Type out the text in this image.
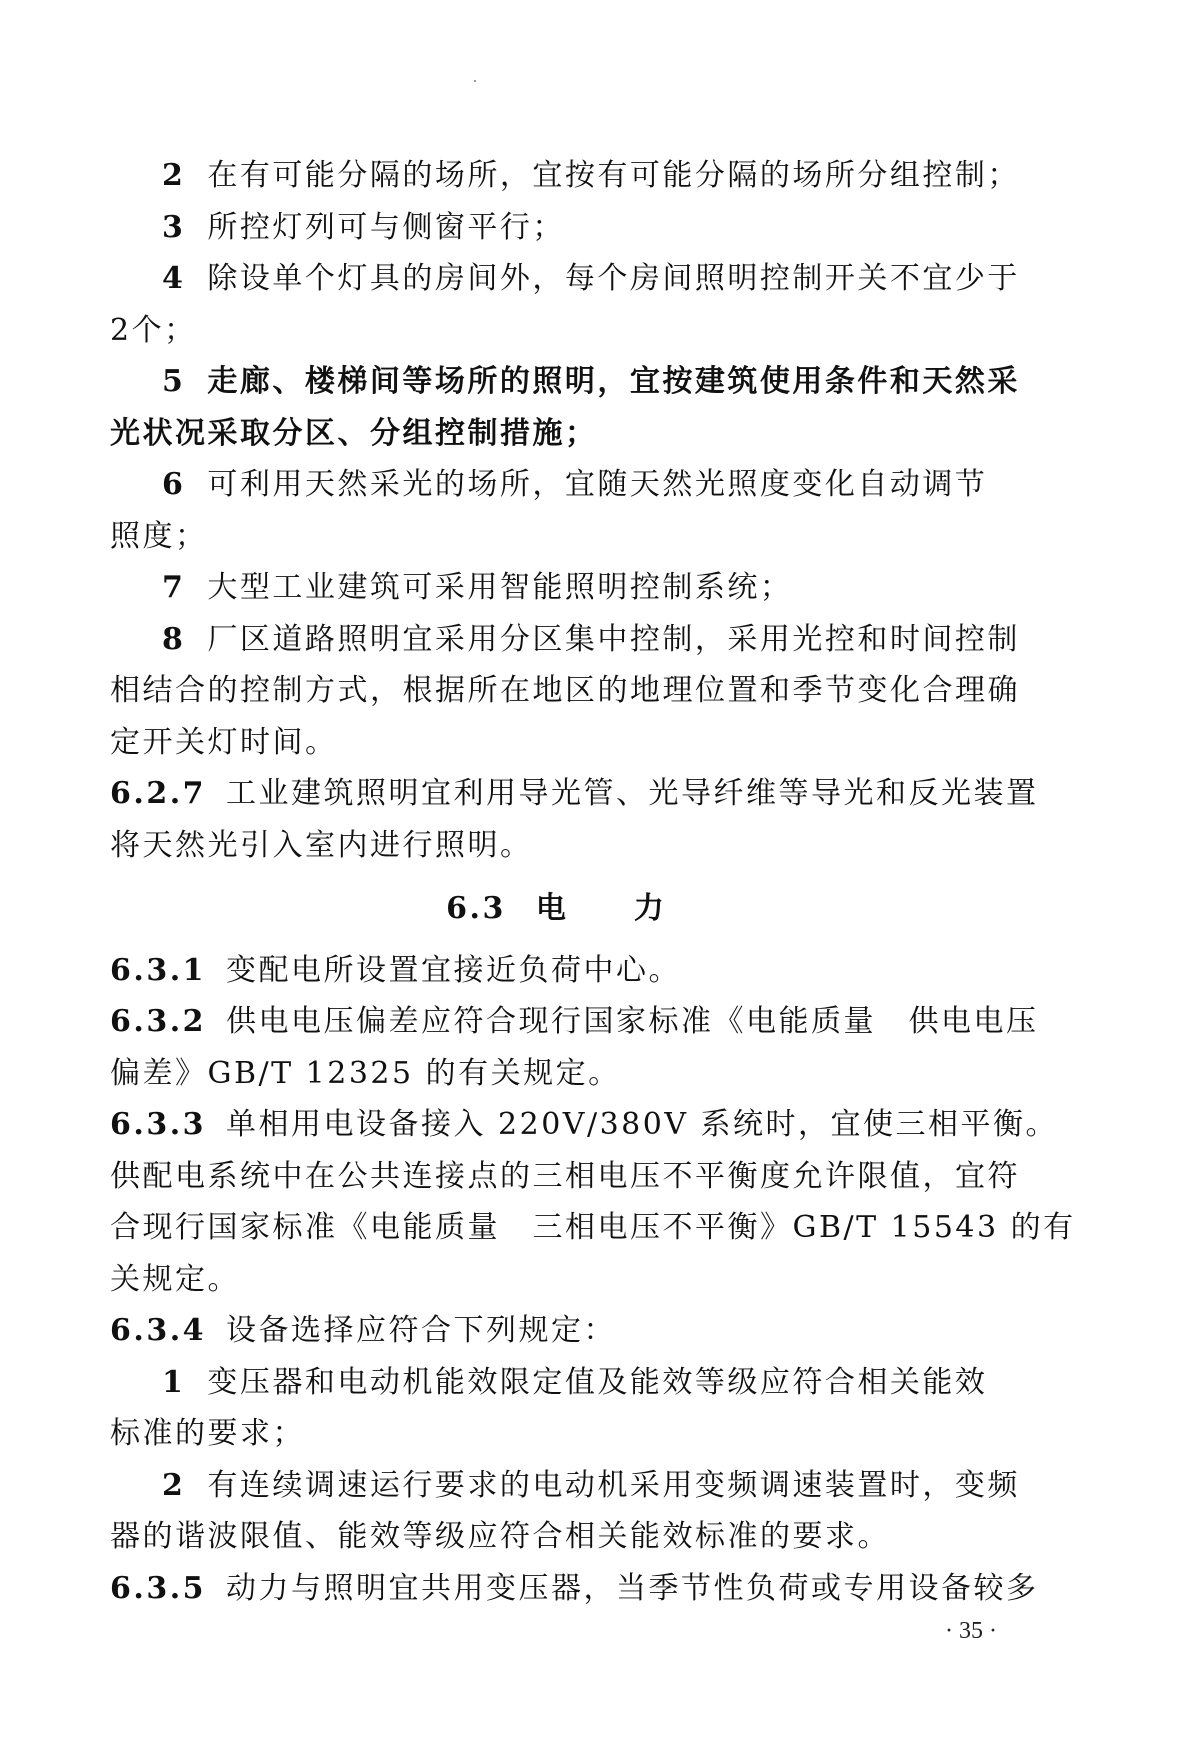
2 在有可能分隔的场所，宜按有可能分隔的场所分组控制；
3 所控灯列可与侧窗平行；
4 除设单个灯具的房间外，每个房间照明控制开关不宜少于
2个；
5 走廊、楼梯间等场所的照明，宜按建筑使用条件和天然采
光状况采取分区、分组控制措施；
6 可利用天然采光的场所，宜随天然光照度变化自动调节
照度；
7 大型工业建筑可采用智能照明控制系统；
8 厂区道路照明宜采用分区集中控制，采用光控和时间控制
相结合的控制方式，根据所在地区的地理位置和季节变化合理确
定开关灯时间。
6.2.7 工业建筑照明宜利用导光管、光导纤维等导光和反光装置
将天然光引入室内进行照明。
6.3 电力
6.3.1 变配电所设置宜接近负荷中心。
6.3.2 供电电压偏差应符合现行国家标准《电能质量　供电电压
偏差》GB/T 12325 的有关规定。
6.3.3 单相用电设备接入 220V/380V 系统时，宜使三相平衡。
供配电系统中在公共连接点的三相电压不平衡度允许限值，宜符
合现行国家标准《电能质量　三相电压不平衡》GB/T 15543 的有
关规定。
6.3.4 设备选择应符合下列规定：
1 变压器和电动机能效限定值及能效等级应符合相关能效
标准的要求；
2 有连续调速运行要求的电动机采用变频调速装置时，变频
器的谐波限值、能效等级应符合相关能效标准的要求。
6.3.5 动力与照明宜共用变压器，当季节性负荷或专用设备较多
· 35 ·
